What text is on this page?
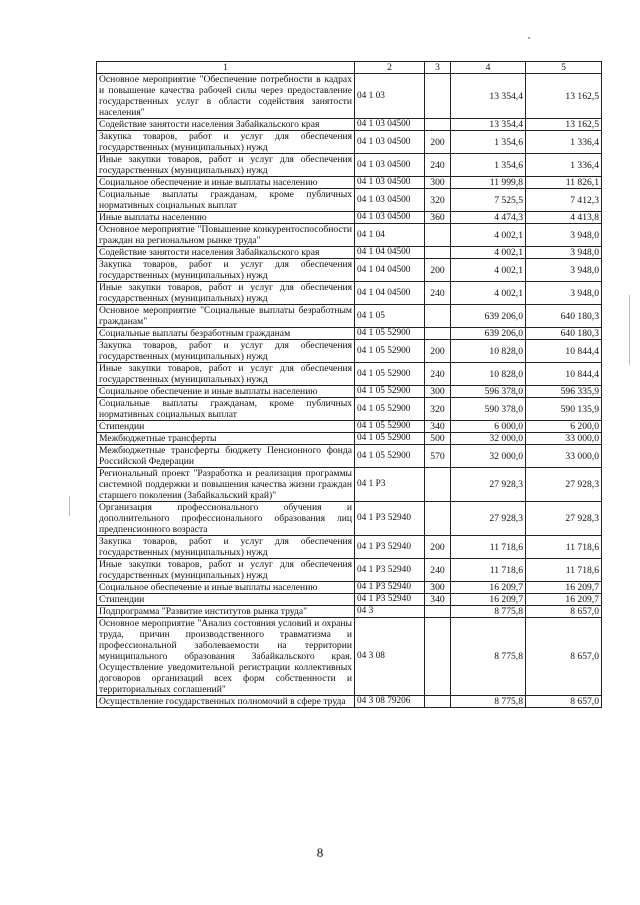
1	2	3	4	5
Основное мероприятие "Обеспечение потребности в кадрах и повышение качества рабочей силы через предоставление государственных услуг в области содействия занятости населения"	04 1 03		13 354,4	13 162,5
Содействие занятости населения Забайкальского края	04 1 03 04500		13 354,4	13 162,5
Закупка товаров, работ и услуг для обеспечения государственных (муниципальных) нужд	04 1 03 04500	200	1 354,6	1 336,4
Иные закупки товаров, работ и услуг для обеспечения государственных (муниципальных) нужд	04 1 03 04500	240	1 354,6	1 336,4
Социальное обеспечение и иные выплаты населению	04 1 03 04500	300	11 999,8	11 826,1
Социальные выплаты гражданам, кроме публичных нормативных социальных выплат	04 1 03 04500	320	7 525,5	7 412,3
Иные выплаты населению	04 1 03 04500	360	4 474,3	4 413,8
Основное мероприятие "Повышение конкурентоспособности граждан на региональном рынке труда"	04 1 04		4 002,1	3 948,0
Содействие занятости населения Забайкальского края	04 1 04 04500		4 002,1	3 948,0
Закупка товаров, работ и услуг для обеспечения государственных (муниципальных) нужд	04 1 04 04500	200	4 002,1	3 948,0
Иные закупки товаров, работ и услуг для обеспечения государственных (муниципальных) нужд	04 1 04 04500	240	4 002,1	3 948,0
Основное мероприятие "Социальные выплаты безработным гражданам"	04 1 05		639 206,0	640 180,3
Социальные выплаты безработным гражданам	04 1 05 52900		639 206,0	640 180,3
Закупка товаров, работ и услуг для обеспечения государственных (муниципальных) нужд	04 1 05 52900	200	10 828,0	10 844,4
Иные закупки товаров, работ и услуг для обеспечения государственных (муниципальных) нужд	04 1 05 52900	240	10 828,0	10 844,4
Социальное обеспечение и иные выплаты населению	04 1 05 52900	300	596 378,0	596 335,9
Социальные выплаты гражданам, кроме публичных нормативных социальных выплат	04 1 05 52900	320	590 378,0	590 135,9
Стипендии	04 1 05 52900	340	6 000,0	6 200,0
Межбюджетные трансферты	04 1 05 52900	500	32 000,0	33 000,0
Межбюджетные трансферты бюджету Пенсионного фонда Российской Федерации	04 1 05 52900	570	32 000,0	33 000,0
Региональный проект "Разработка и реализация программы системной поддержки и повышения качества жизни граждан старшего поколения (Забайкальский край)"	04 1 P3		27 928,3	27 928,3
Организация профессионального обучения и дополнительного профессионального образования лиц предпенсионного возраста	04 1 P3 52940		27 928,3	27 928,3
Закупка товаров, работ и услуг для обеспечения государственных (муниципальных) нужд	04 1 P3 52940	200	11 718,6	11 718,6
Иные закупки товаров, работ и услуг для обеспечения государственных (муниципальных) нужд	04 1 P3 52940	240	11 718,6	11 718,6
Социальное обеспечение и иные выплаты населению	04 1 P3 52940	300	16 209,7	16 209,7
Стипендии	04 1 P3 52940	340	16 209,7	16 209,7
Подпрограмма "Развитие институтов рынка труда"	04 3		8 775,8	8 657,0
Основное мероприятие "Анализ состояния условий и охраны труда, причин производственного травматизма и профессиональной заболеваемости на территории муниципального образования Забайкальского края. Осуществление уведомительной регистрации коллективных договоров организаций всех форм собственности и территориальных соглашений"	04 3 08		8 775,8	8 657,0
Осуществление государственных полномочий в сфере труда	04 3 08 79206		8 775,8	8 657,0
8
